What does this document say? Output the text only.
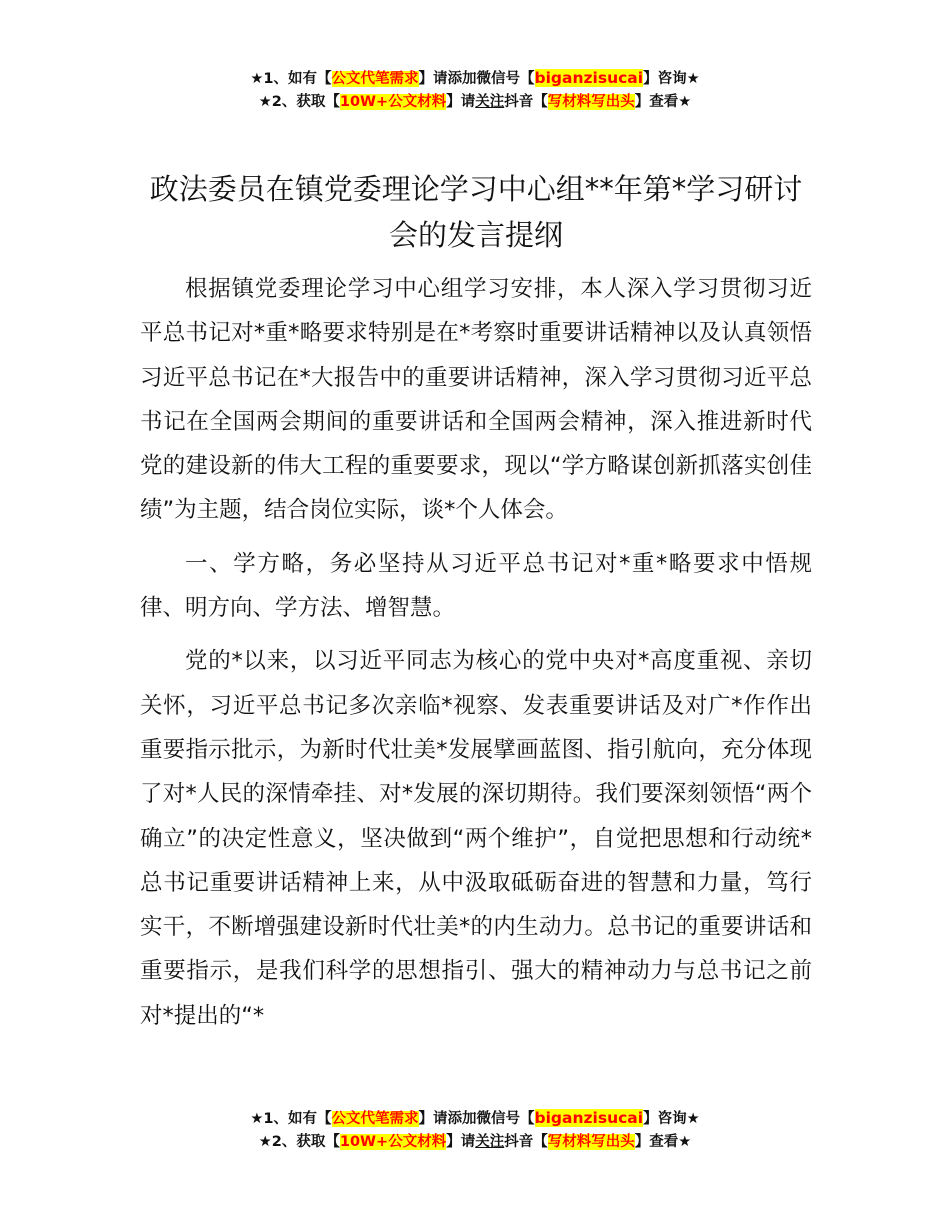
★1、如有【公文代笔需求】请添加微信号【biganzisucai】咨询★
★2、获取【10W+公文材料】请关注抖音【写材料写出头】查看★
政法委员在镇党委理论学习中心组**年第*学习研讨会的发言提纲

根据镇党委理论学习中心组学习安排，本人深入学习贯彻习近平总书记对*重*略要求特别是在*考察时重要讲话精神以及认真领悟习近平总书记在*大报告中的重要讲话精神，深入学习贯彻习近平总书记在全国两会期间的重要讲话和全国两会精神，深入推进新时代党的建设新的伟大工程的重要要求，现以“学方略谋创新抓落实创佳绩”为主题，结合岗位实际，谈*个人体会。

一、学方略，务必坚持从习近平总书记对*重*略要求中悟规律、明方向、学方法、增智慧。

党的*以来，以习近平同志为核心的党中央对*高度重视、亲切关怀，习近平总书记多次亲临*视察、发表重要讲话及对广*作作出重要指示批示，为新时代壮美*发展擘画蓝图、指引航向，充分体现了对*人民的深情牵挂、对*发展的深切期待。我们要深刻领悟“两个确立”的决定性意义，坚决做到“两个维护”，自觉把思想和行动统*总书记重要讲话精神上来，从中汲取砥砺奋进的智慧和力量，笃行实干，不断增强建设新时代壮美*的内生动力。总书记的重要讲话和重要指示，是我们科学的思想指引、强大的精神动力与总书记之前对*提出的“*

★1、如有【公文代笔需求】请添加微信号【biganzisucai】咨询★
★2、获取【10W+公文材料】请关注抖音【写材料写出头】查看★
